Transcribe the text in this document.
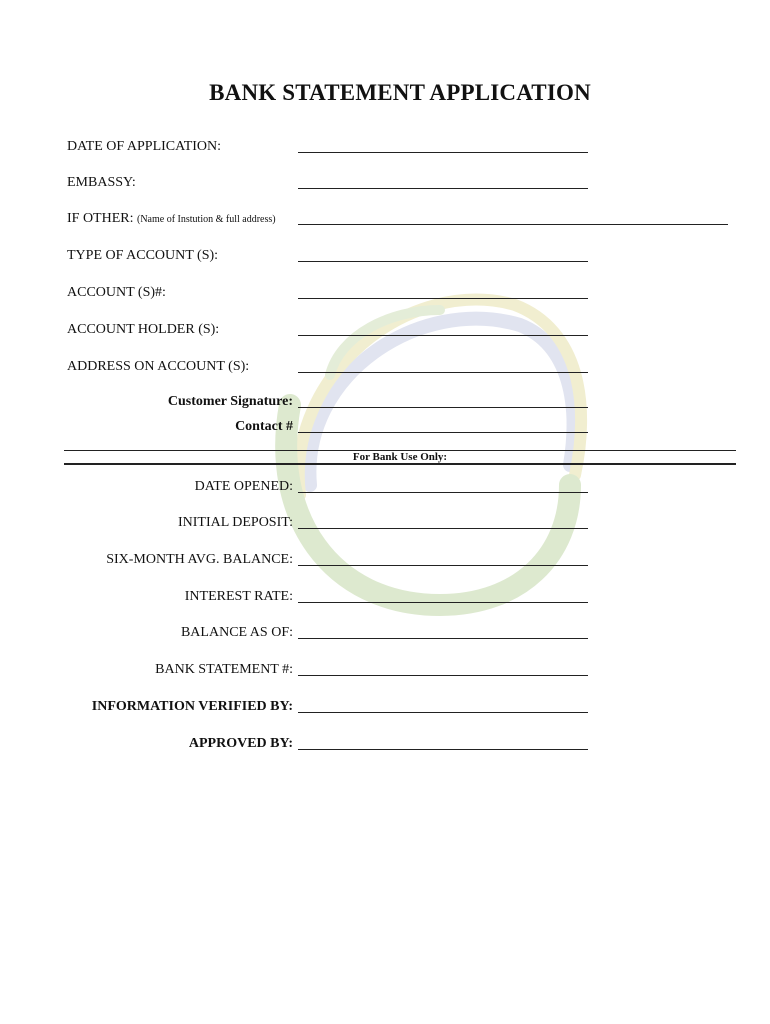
BANK STATEMENT APPLICATION
DATE OF APPLICATION:
EMBASSY:
IF OTHER: (Name of Instution & full address)
TYPE OF ACCOUNT (S):
ACCOUNT (S)#:
ACCOUNT HOLDER (S):
ADDRESS ON ACCOUNT (S):
Customer Signature:
Contact #
For Bank Use Only:
DATE OPENED:
INITIAL DEPOSIT:
SIX-MONTH AVG. BALANCE:
INTEREST RATE:
BALANCE AS OF:
BANK STATEMENT #:
INFORMATION VERIFIED BY:
APPROVED BY:
